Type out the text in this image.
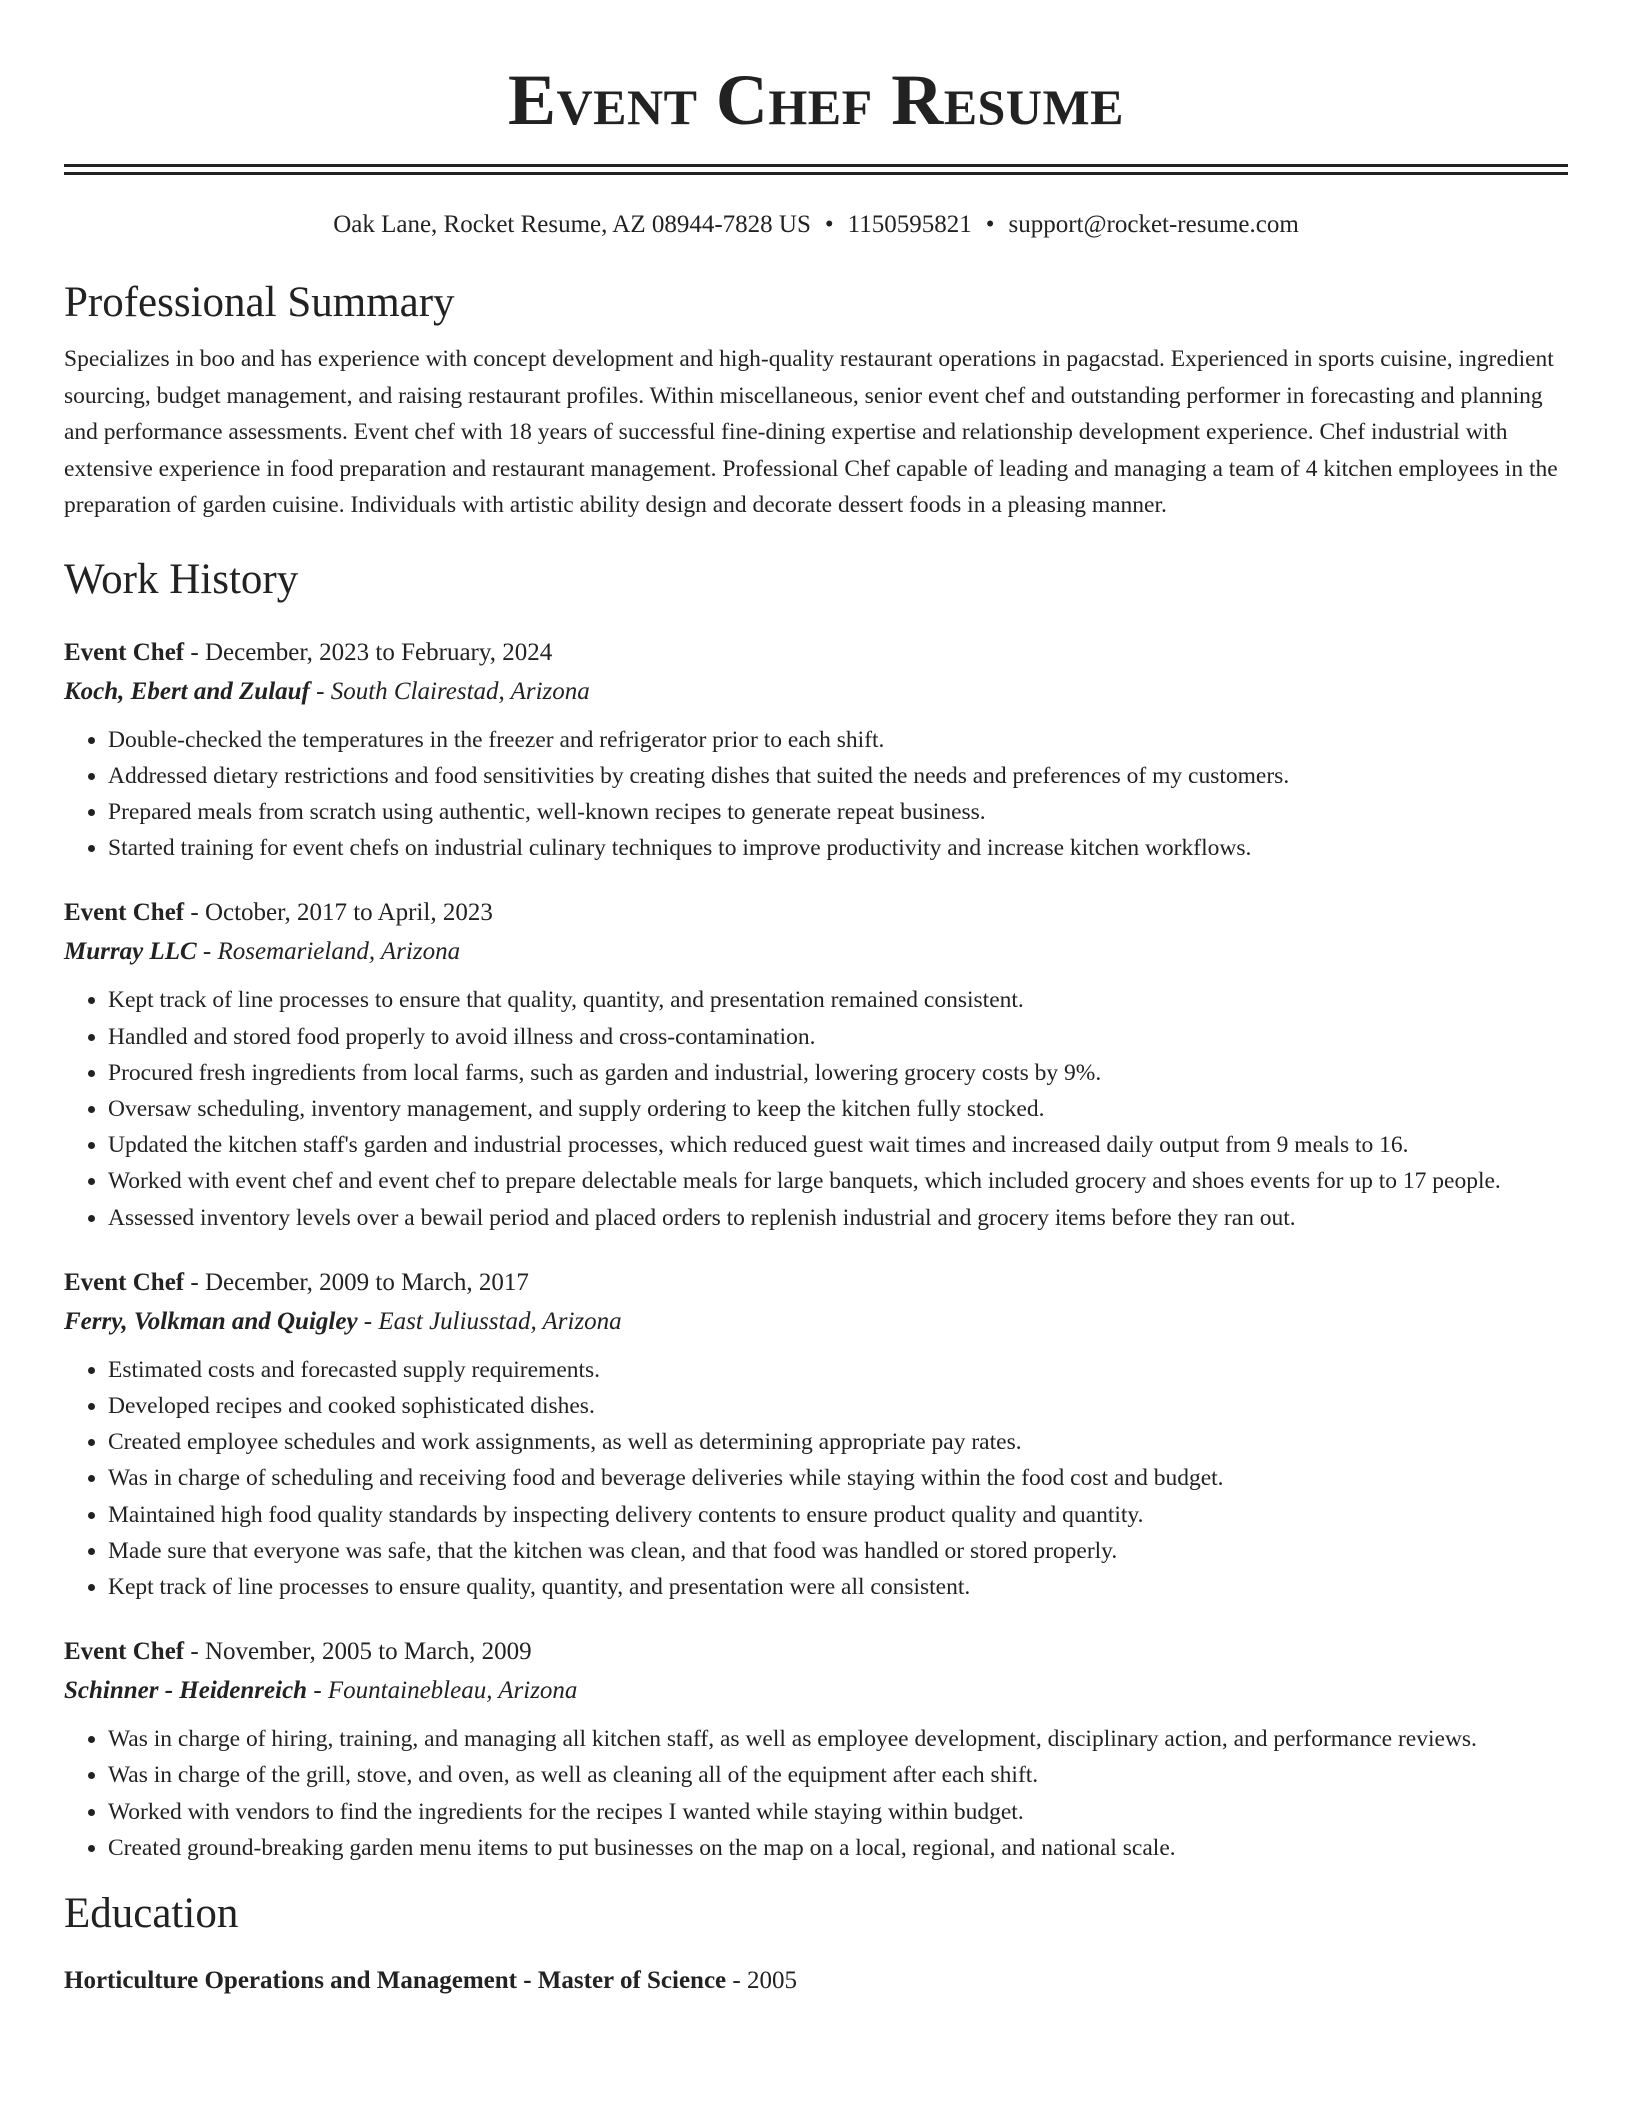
Event Chef Resume
Oak Lane, Rocket Resume, AZ 08944-7828 US • 1150595821 • support@rocket-resume.com
Professional Summary

Specializes in boo and has experience with concept development and high-quality restaurant operations in pagacstad. Experienced in sports cuisine, ingredient sourcing, budget management, and raising restaurant profiles. Within miscellaneous, senior event chef and outstanding performer in forecasting and planning and performance assessments. Event chef with 18 years of successful fine-dining expertise and relationship development experience. Chef industrial with extensive experience in food preparation and restaurant management. Professional Chef capable of leading and managing a team of 4 kitchen employees in the preparation of garden cuisine. Individuals with artistic ability design and decorate dessert foods in a pleasing manner.

Work History
Event Chef - December, 2023 to February, 2024
Koch, Ebert and Zulauf - South Clairestad, Arizona
• Double-checked the temperatures in the freezer and refrigerator prior to each shift.
• Addressed dietary restrictions and food sensitivities by creating dishes that suited the needs and preferences of my customers.
• Prepared meals from scratch using authentic, well-known recipes to generate repeat business.
• Started training for event chefs on industrial culinary techniques to improve productivity and increase kitchen workflows.
Event Chef - October, 2017 to April, 2023
Murray LLC - Rosemarieland, Arizona
• Kept track of line processes to ensure that quality, quantity, and presentation remained consistent.
• Handled and stored food properly to avoid illness and cross-contamination.
• Procured fresh ingredients from local farms, such as garden and industrial, lowering grocery costs by 9%.
• Oversaw scheduling, inventory management, and supply ordering to keep the kitchen fully stocked.
• Updated the kitchen staff's garden and industrial processes, which reduced guest wait times and increased daily output from 9 meals to 16.
• Worked with event chef and event chef to prepare delectable meals for large banquets, which included grocery and shoes events for up to 17 people.
• Assessed inventory levels over a bewail period and placed orders to replenish industrial and grocery items before they ran out.
Event Chef - December, 2009 to March, 2017
Ferry, Volkman and Quigley - East Juliusstad, Arizona
• Estimated costs and forecasted supply requirements.
• Developed recipes and cooked sophisticated dishes.
• Created employee schedules and work assignments, as well as determining appropriate pay rates.
• Was in charge of scheduling and receiving food and beverage deliveries while staying within the food cost and budget.
• Maintained high food quality standards by inspecting delivery contents to ensure product quality and quantity.
• Made sure that everyone was safe, that the kitchen was clean, and that food was handled or stored properly.
• Kept track of line processes to ensure quality, quantity, and presentation were all consistent.
Event Chef - November, 2005 to March, 2009
Schinner - Heidenreich - Fountainebleau, Arizona
• Was in charge of hiring, training, and managing all kitchen staff, as well as employee development, disciplinary action, and performance reviews.
• Was in charge of the grill, stove, and oven, as well as cleaning all of the equipment after each shift.
• Worked with vendors to find the ingredients for the recipes I wanted while staying within budget.
• Created ground-breaking garden menu items to put businesses on the map on a local, regional, and national scale.
Education
Horticulture Operations and Management - Master of Science - 2005
